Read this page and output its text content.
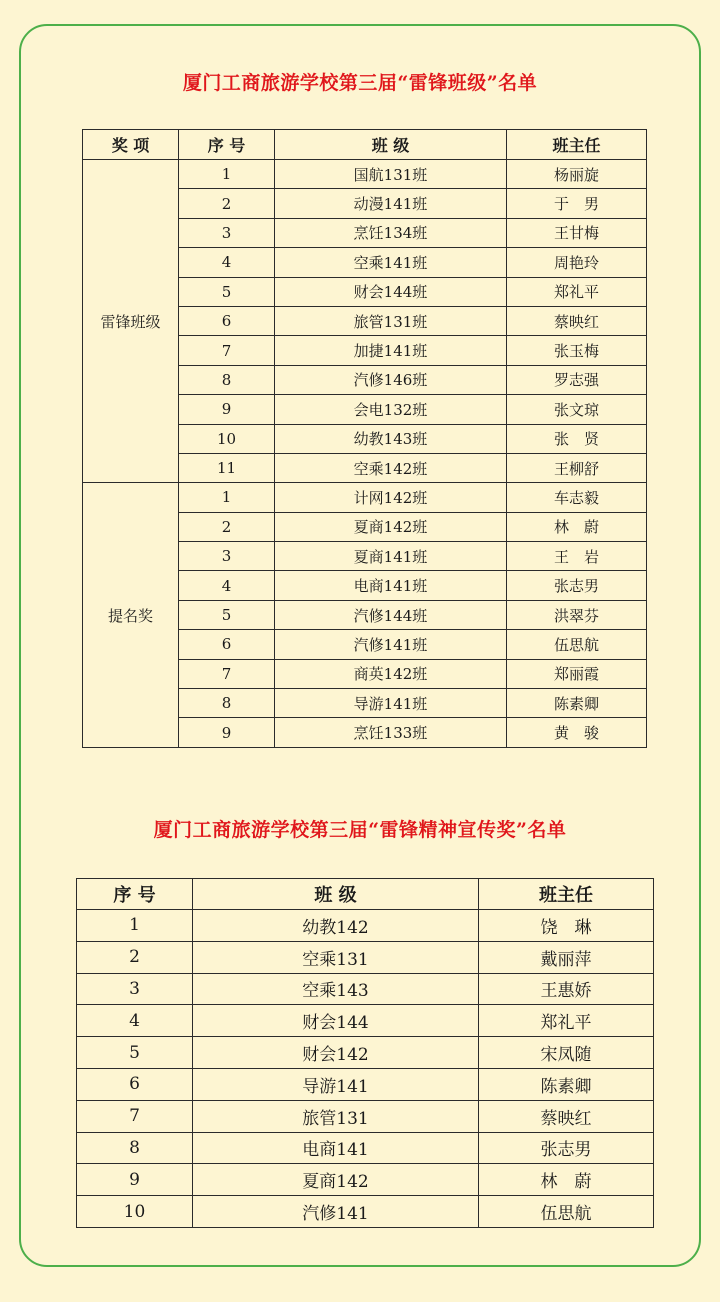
厦门工商旅游学校第三届“雷锋班级”名单
奖 项	序 号	班 级	班主任
雷锋班级	1	国航131班	杨丽旋
	2	动漫141班	于　男
	3	烹饪134班	王甘梅
	4	空乘141班	周艳玲
	5	财会144班	郑礼平
	6	旅管131班	蔡映红
	7	加捷141班	张玉梅
	8	汽修146班	罗志强
	9	会电132班	张文琼
	10	幼教143班	张　贤
	11	空乘142班	王柳舒
提名奖	1	计网142班	车志毅
	2	夏商142班	林　蔚
	3	夏商141班	王　岩
	4	电商141班	张志男
	5	汽修144班	洪翠芬
	6	汽修141班	伍思航
	7	商英142班	郑丽霞
	8	导游141班	陈素卿
	9	烹饪133班	黄　骏
厦门工商旅游学校第三届“雷锋精神宣传奖”名单
序 号	班 级	班主任
1	幼教142	饶　琳
2	空乘131	戴丽萍
3	空乘143	王惠娇
4	财会144	郑礼平
5	财会142	宋凤随
6	导游141	陈素卿
7	旅管131	蔡映红
8	电商141	张志男
9	夏商142	林　蔚
10	汽修141	伍思航
